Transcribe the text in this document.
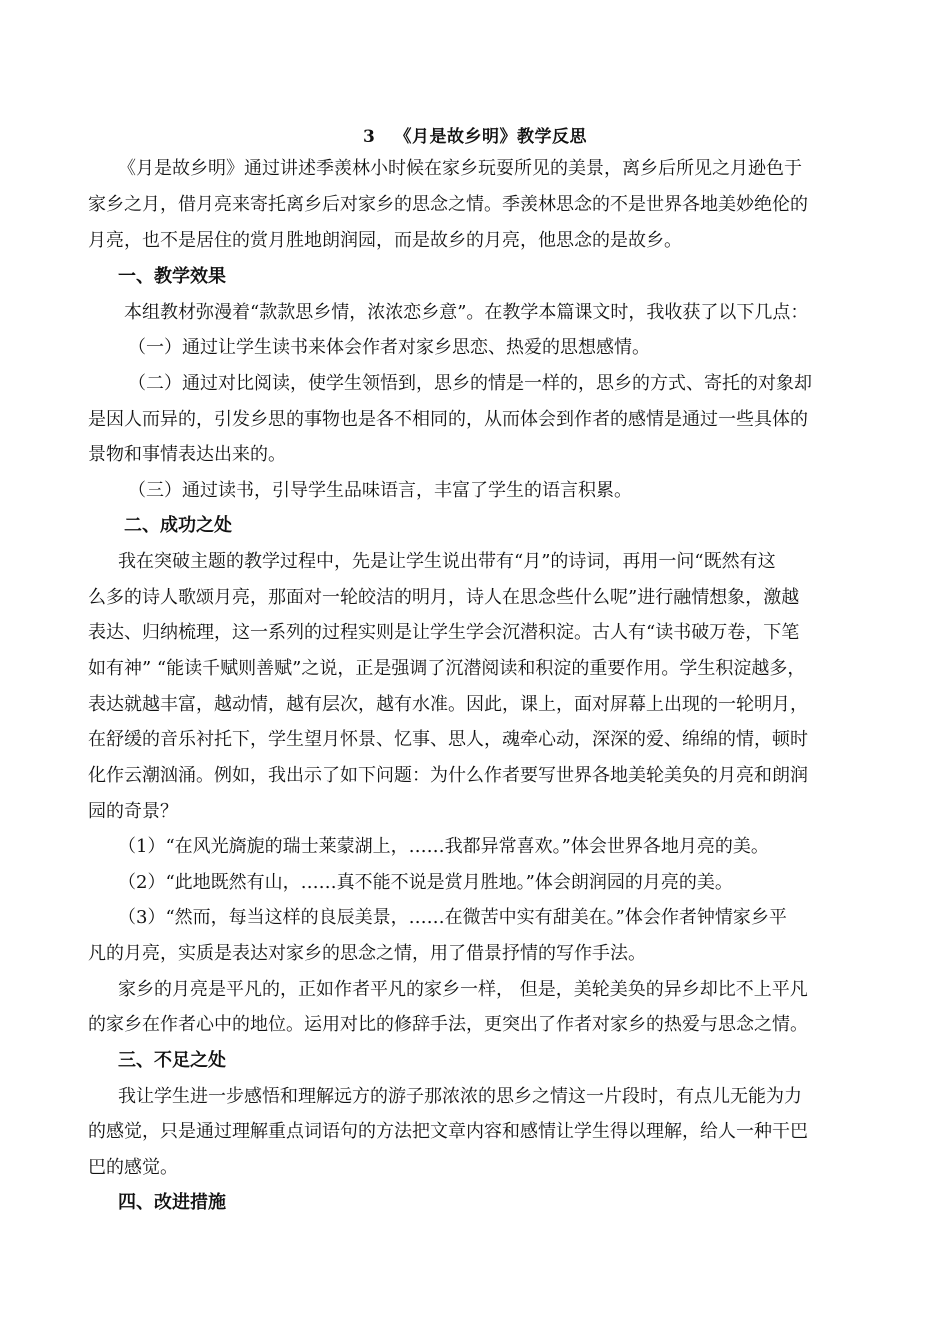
3   《月是故乡明》教学反思
《月是故乡明》通过讲述季羡林小时候在家乡玩耍所见的美景，离乡后所见之月逊色于
家乡之月，借月亮来寄托离乡后对家乡的思念之情。季羡林思念的不是世界各地美妙绝伦的
月亮，也不是居住的赏月胜地朗润园，而是故乡的月亮，他思念的是故乡。
一、教学效果
本组教材弥漫着“款款思乡情，浓浓恋乡意”。在教学本篇课文时，我收获了以下几点：
（一）通过让学生读书来体会作者对家乡思恋、热爱的思想感情。
（二）通过对比阅读，使学生领悟到，思乡的情是一样的，思乡的方式、寄托的对象却
是因人而异的，引发乡思的事物也是各不相同的，从而体会到作者的感情是通过一些具体的
景物和事情表达出来的。
（三）通过读书，引导学生品味语言，丰富了学生的语言积累。
二、成功之处
我在突破主题的教学过程中，先是让学生说出带有“月”的诗词，再用一问“既然有这
么多的诗人歌颂月亮，那面对一轮皎洁的明月，诗人在思念些什么呢”进行融情想象，激越
表达、归纳梳理，这一系列的过程实则是让学生学会沉潜积淀。古人有“读书破万卷，下笔
如有神” “能读千赋则善赋”之说，正是强调了沉潜阅读和积淀的重要作用。学生积淀越多，
表达就越丰富，越动情，越有层次，越有水准。因此，课上，面对屏幕上出现的一轮明月，
在舒缓的音乐衬托下，学生望月怀景、忆事、思人，魂牵心动，深深的爱、绵绵的情，顿时
化作云潮汹涌。例如，我出示了如下问题：为什么作者要写世界各地美轮美奂的月亮和朗润
园的奇景？
（1）“在风光旖旎的瑞士莱蒙湖上，……我都异常喜欢。”体会世界各地月亮的美。
（2）“此地既然有山，……真不能不说是赏月胜地。”体会朗润园的月亮的美。
（3）“然而，每当这样的良辰美景，……在微苦中实有甜美在。”体会作者钟情家乡平
凡的月亮，实质是表达对家乡的思念之情，用了借景抒情的写作手法。
家乡的月亮是平凡的，正如作者平凡的家乡一样， 但是，美轮美奂的异乡却比不上平凡
的家乡在作者心中的地位。运用对比的修辞手法，更突出了作者对家乡的热爱与思念之情。
三、不足之处
我让学生进一步感悟和理解远方的游子那浓浓的思乡之情这一片段时，有点儿无能为力
的感觉，只是通过理解重点词语句的方法把文章内容和感情让学生得以理解，给人一种干巴
巴的感觉。
四、改进措施
